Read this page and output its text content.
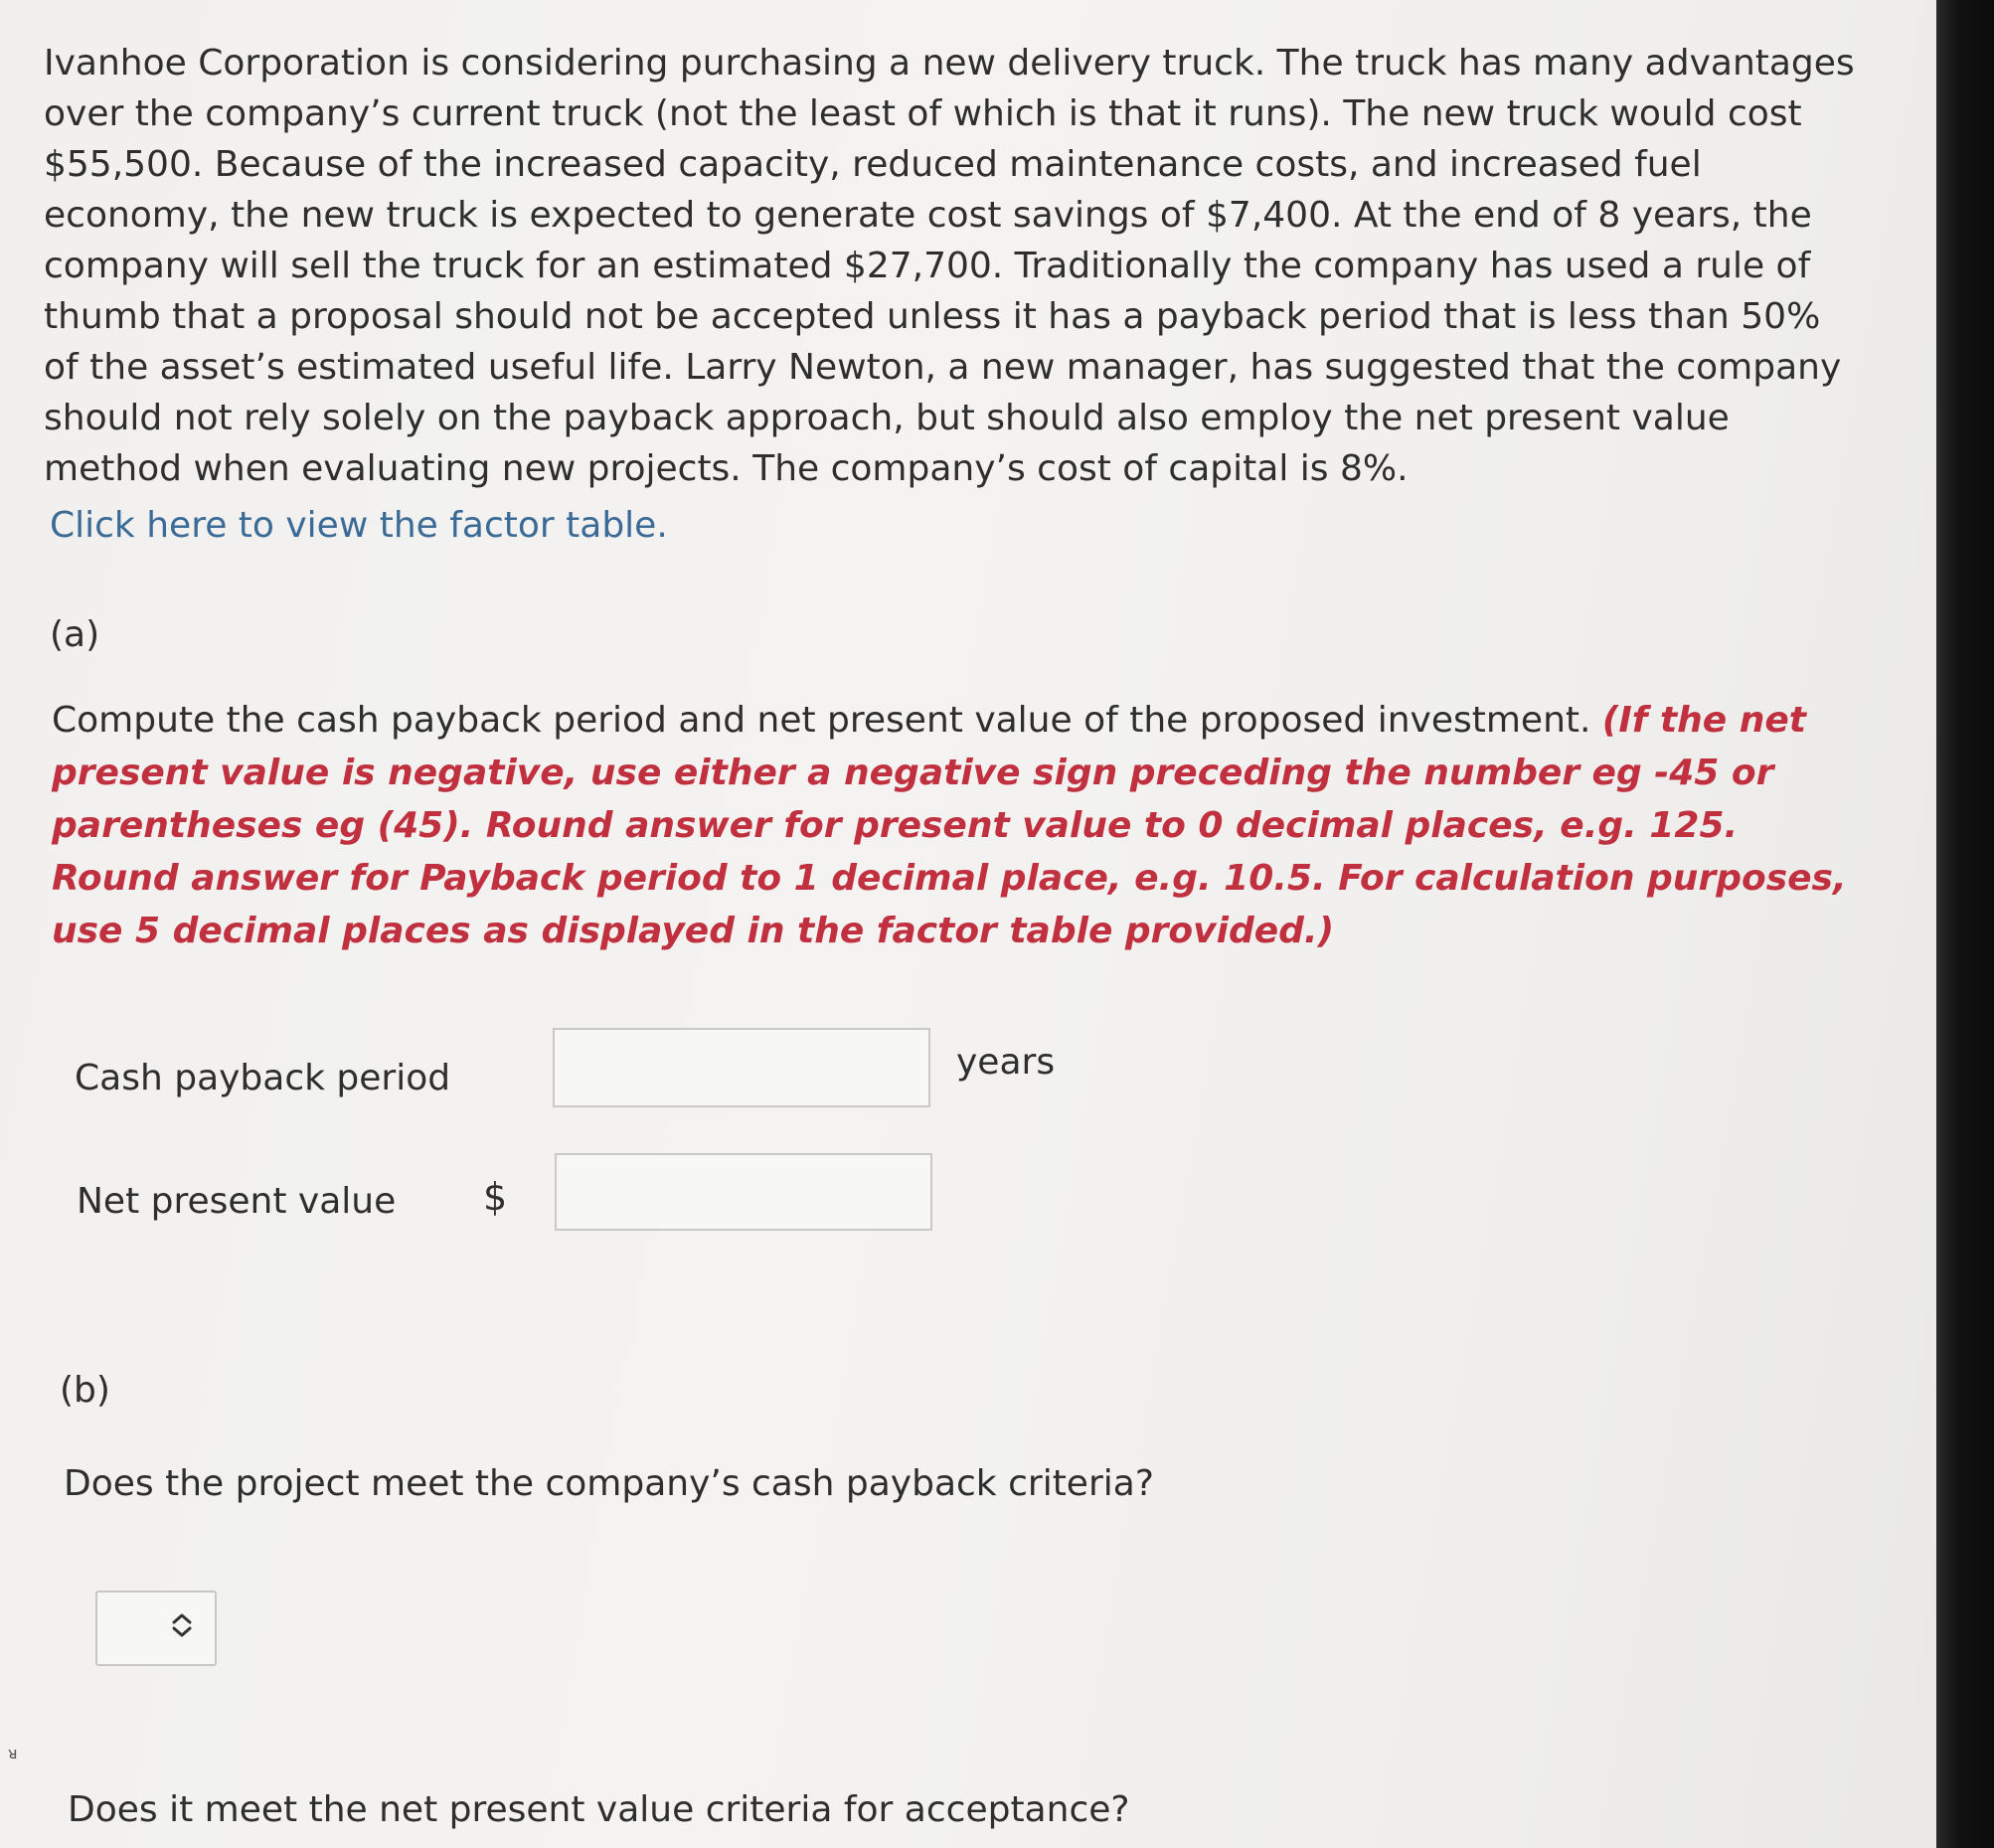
Ivanhoe Corporation is considering purchasing a new delivery truck. The truck has many advantages over the company’s current truck (not the least of which is that it runs). The new truck would cost $55,500. Because of the increased capacity, reduced maintenance costs, and increased fuel economy, the new truck is expected to generate cost savings of $7,400. At the end of 8 years, the company will sell the truck for an estimated $27,700. Traditionally the company has used a rule of thumb that a proposal should not be accepted unless it has a payback period that is less than 50% of the asset’s estimated useful life. Larry Newton, a new manager, has suggested that the company should not rely solely on the payback approach, but should also employ the net present value method when evaluating new projects. The company’s cost of capital is 8%.
Click here to view the factor table.
(a)
Compute the cash payback period and net present value of the proposed investment. (If the net present value is negative, use either a negative sign preceding the number eg -45 or parentheses eg (45). Round answer for present value to 0 decimal places, e.g. 125. Round answer for Payback period to 1 decimal place, e.g. 10.5. For calculation purposes, use 5 decimal places as displayed in the factor table provided.)
Cash payback period	years
Net present value $
(b)
Does the project meet the company’s cash payback criteria?
Does it meet the net present value criteria for acceptance?
ᴚ
